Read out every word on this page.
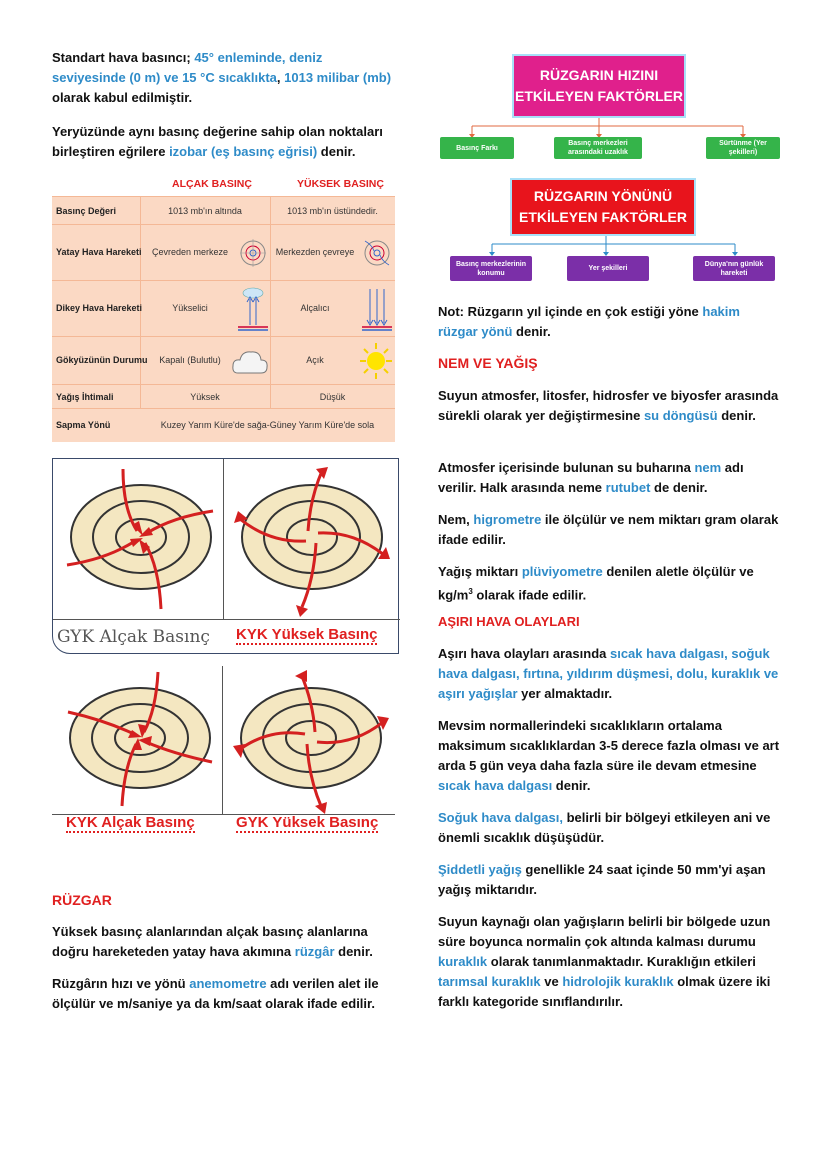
Standart hava basıncı; 45° enleminde, deniz seviyesinde (0 m) ve 15 °C sıcaklıkta, 1013 milibar (mb) olarak kabul edilmiştir.

Yeryüzünde aynı basınç değerine sahip olan noktaları birleştiren eğrilere izobar (eş basınç eğrisi) denir.

ALÇAK BASINÇ	YÜKSEK BASINÇ
Basınç Değeri	1013 mb'ın altında	1013 mb'ın üstündedir.
Yatay Hava Hareketi	Çevreden merkeze	Merkezden çevreye
Dikey Hava Hareketi	Yükselici	Alçalıcı
Gökyüzünün Durumu	Kapalı (Bulutlu)	Açık
Yağış İhtimali	Yüksek	Düşük
Sapma Yönü	Kuzey Yarım Küre'de sağa-Güney Yarım Küre'de sola
GYK Alçak Basınç KYK Yüksek Basınç
KYK Alçak Basınç	GYK Yüksek Basınç
RÜZGAR

Yüksek basınç alanlarından alçak basınç alanlarına doğru hareketeden yatay hava akımına rüzgâr denir.

Rüzgârın hızı ve yönü anemometre adı verilen alet ile ölçülür ve m/saniye ya da km/saat olarak ifade edilir.

RÜZGARIN HIZINI
ETKİLEYEN FAKTÖRLER
Basınç Farkı
Basınç merkezleri arasındaki uzaklık
Sürtünme (Yer şekilleri)
RÜZGARIN YÖNÜNÜ
ETKİLEYEN FAKTÖRLER
Basınç merkezlerinin konumu
Yer şekilleri
Dünya'nın günlük hareketi

Not: Rüzgarın yıl içinde en çok estiği yöne hakim rüzgar yönü denir.

NEM VE YAĞIŞ

Suyun atmosfer, litosfer, hidrosfer ve biyosfer arasında sürekli olarak yer değiştirmesine su döngüsü denir.

Atmosfer içerisinde bulunan su buharına nem adı verilir. Halk arasında neme rutubet de denir.

Nem, higrometre ile ölçülür ve nem miktarı gram olarak ifade edilir.

Yağış miktarı plüviyometre denilen aletle ölçülür ve $kg/m^3$ olarak ifade edilir.

AŞIRI HAVA OLAYLARI

Aşırı hava olayları arasında sıcak hava dalgası, soğuk hava dalgası, fırtına, yıldırım düşmesi, dolu, kuraklık ve aşırı yağışlar yer almaktadır.

Mevsim normallerindeki sıcaklıkların ortalama maksimum sıcaklıklardan 3-5 derece fazla olması ve art arda 5 gün veya daha fazla süre ile devam etmesine sıcak hava dalgası denir.

Soğuk hava dalgası, belirli bir bölgeyi etkileyen ani ve önemli sıcaklık düşüşüdür.

Şiddetli yağış genellikle 24 saat içinde 50 mm'yi aşan yağış miktarıdır.

Suyun kaynağı olan yağışların belirli bir bölgede uzun süre boyunca normalin çok altında kalması durumu kuraklık olarak tanımlanmaktadır. Kuraklığın etkileri tarımsal kuraklık ve hidrolojik kuraklık olmak üzere iki farklı kategoride sınıflandırılır.
